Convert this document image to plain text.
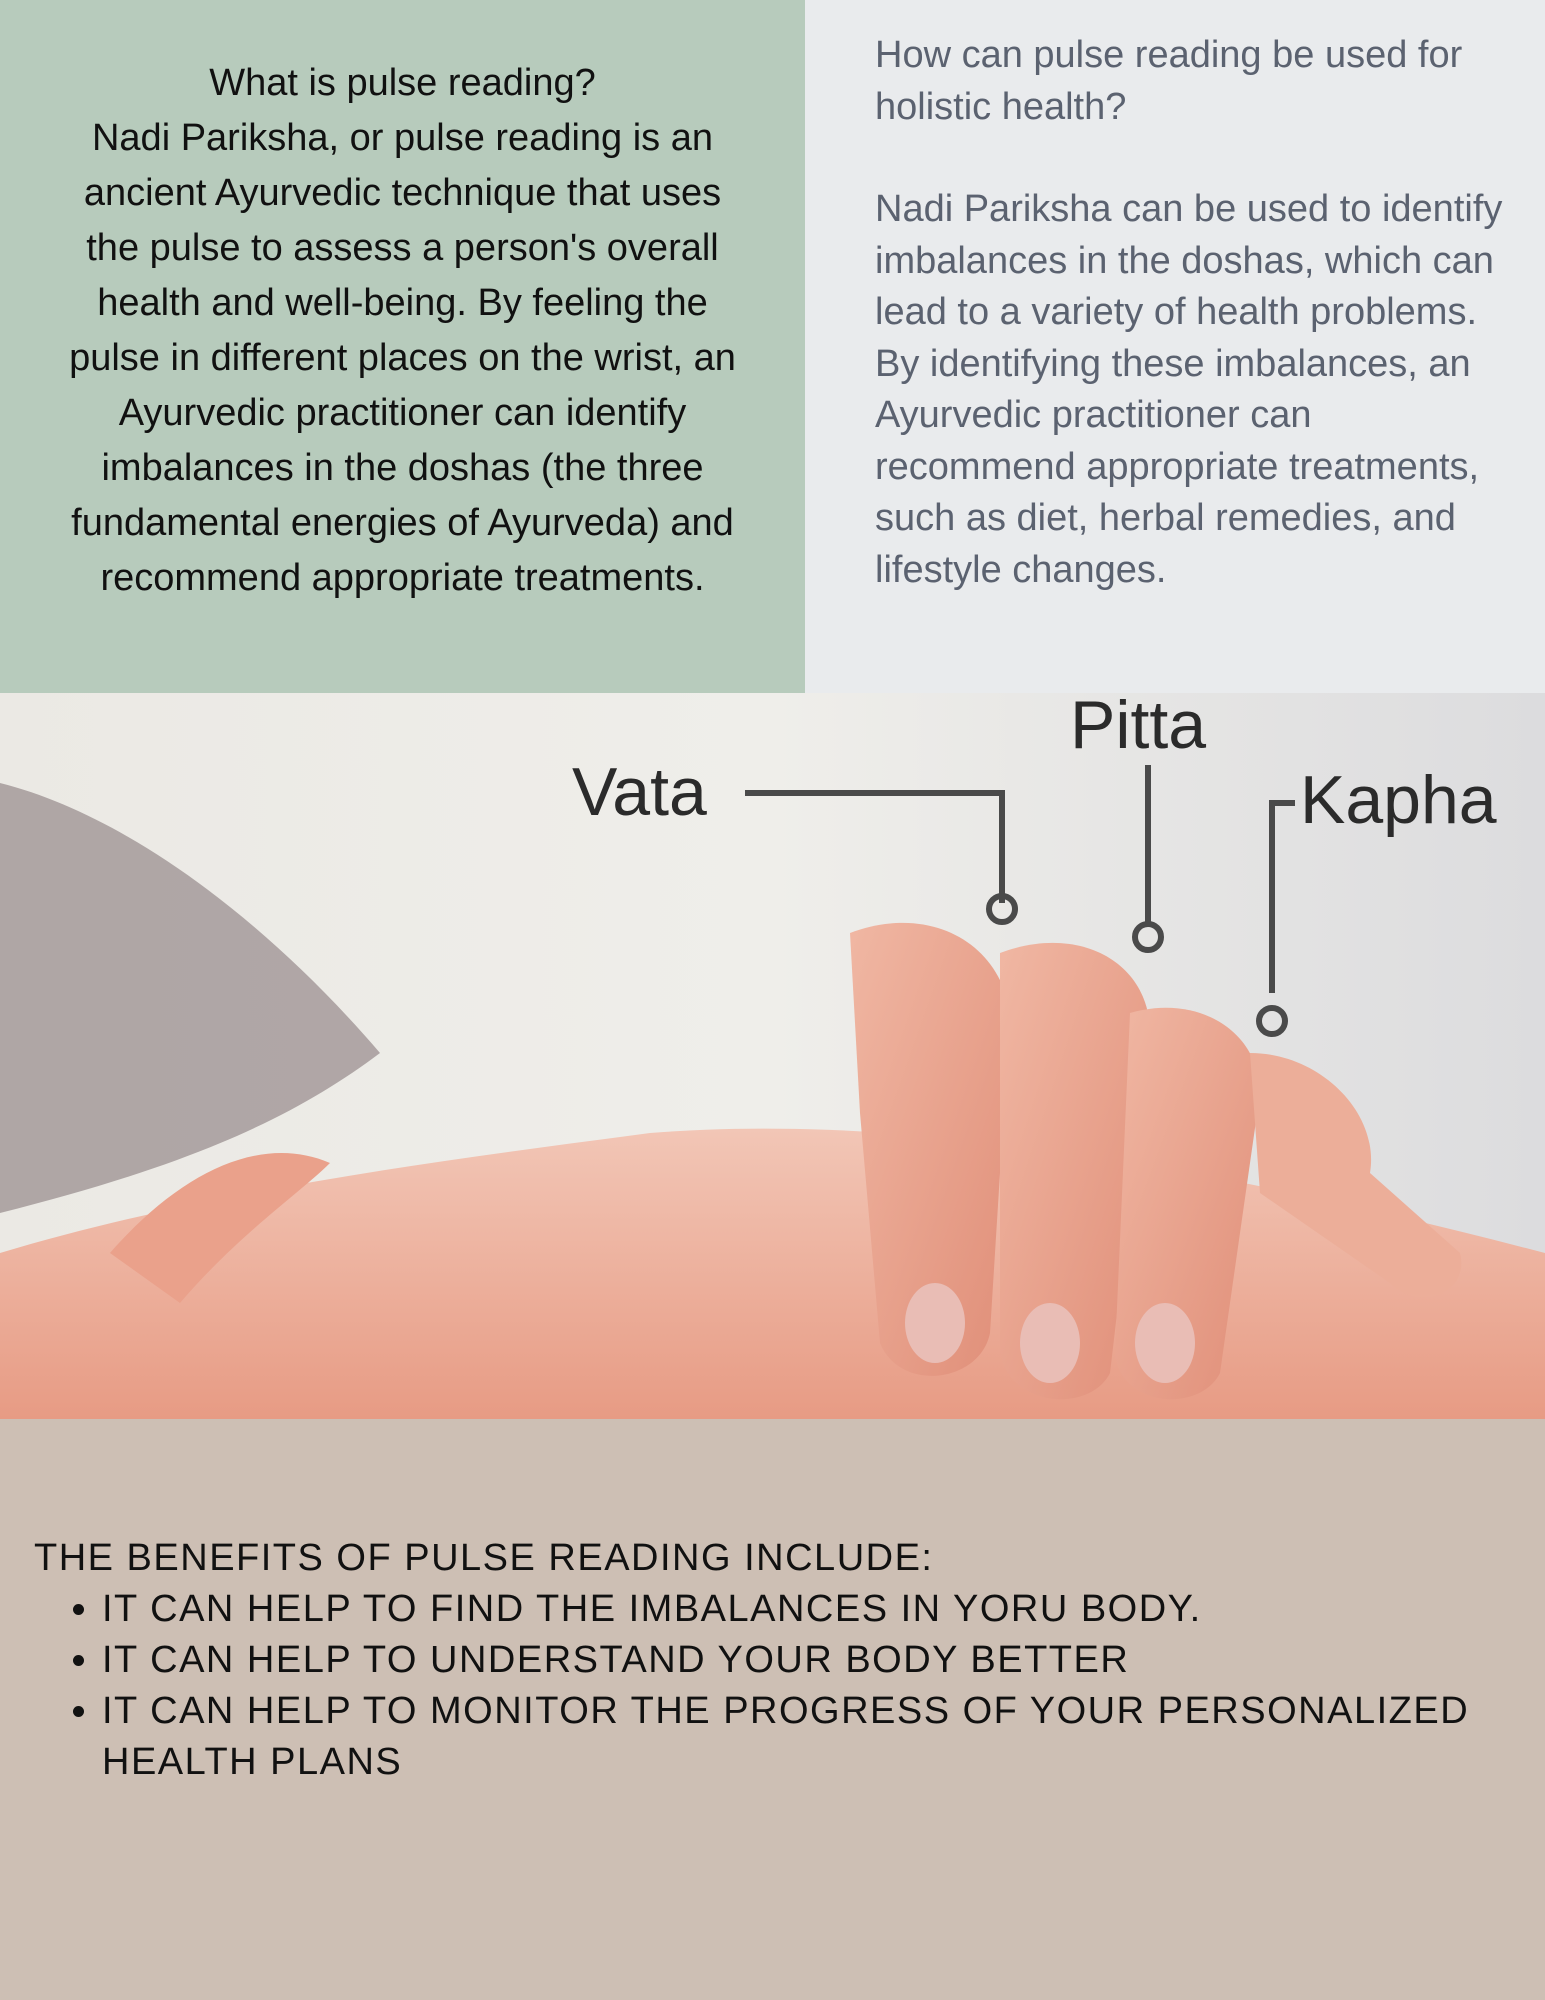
What is pulse reading?

Nadi Pariksha, or pulse reading is an ancient Ayurvedic technique that uses the pulse to assess a person's overall health and well-being. By feeling the pulse in different places on the wrist, an Ayurvedic practitioner can identify imbalances in the doshas (the three fundamental energies of Ayurveda) and recommend appropriate treatments.

How can pulse reading be used for holistic health?

Nadi Pariksha can be used to identify imbalances in the doshas, which can lead to a variety of health problems. By identifying these imbalances, an Ayurvedic practitioner can recommend appropriate treatments, such as diet, herbal remedies, and lifestyle changes.

Vata
Pitta
Kapha

THE BENEFITS OF PULSE READING INCLUDE:

• IT CAN HELP TO FIND THE IMBALANCES IN YORU BODY.
• IT CAN HELP TO UNDERSTAND YOUR BODY BETTER
• IT CAN HELP TO MONITOR THE PROGRESS OF YOUR PERSONALIZED HEALTH PLANS
